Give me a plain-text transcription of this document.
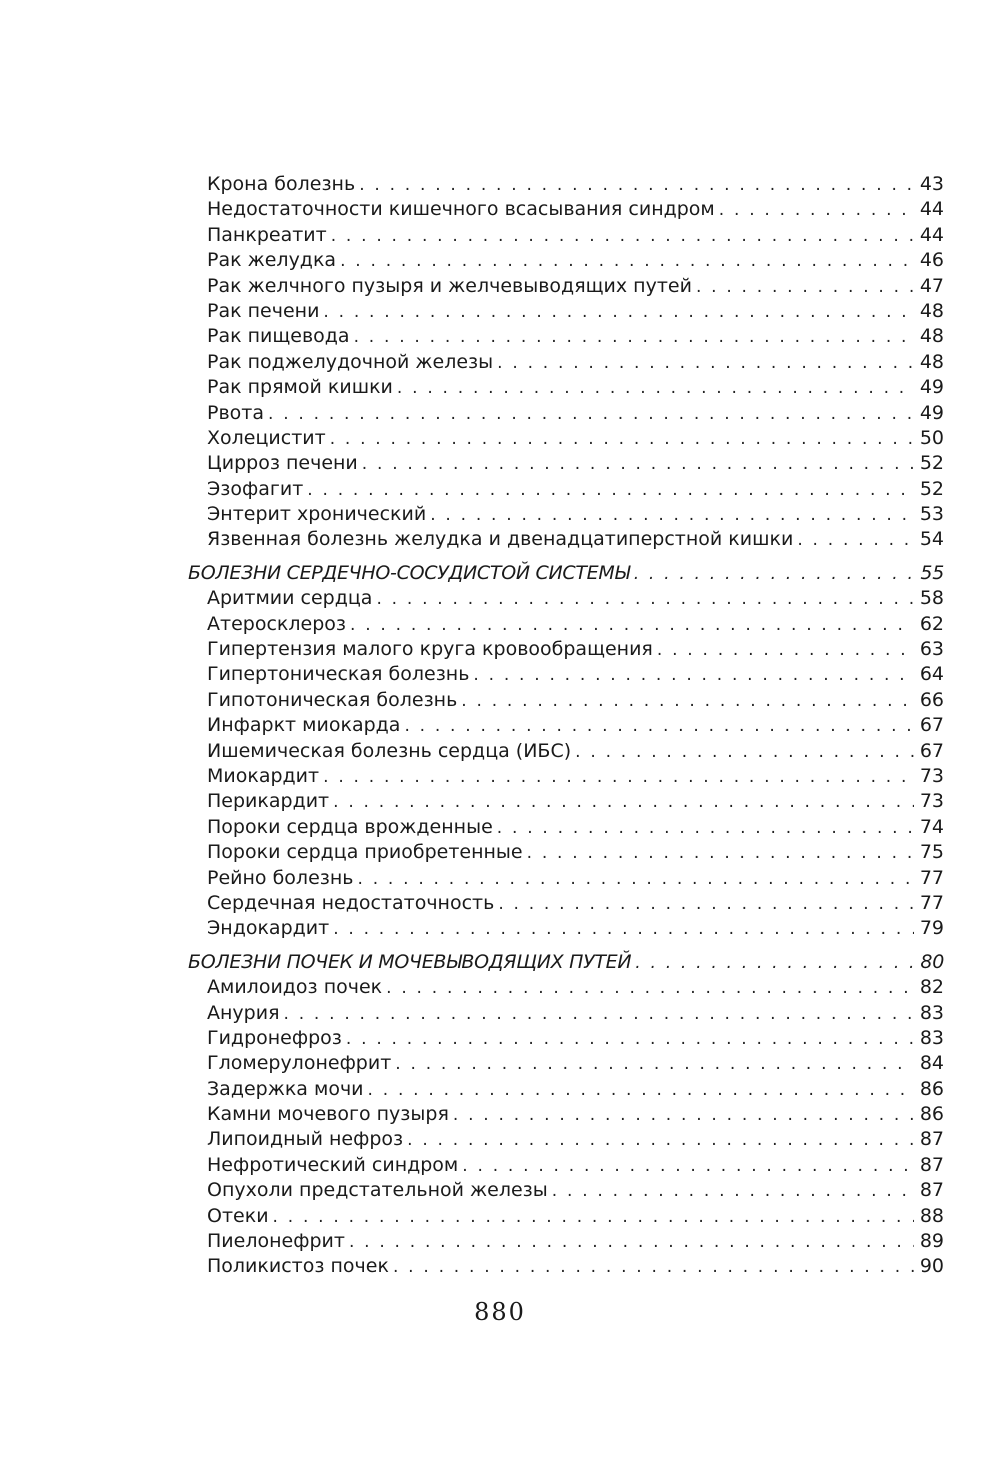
Крона болезнь . . .	43
Недостаточности кишечного всасывания синдром . . .	44
Панкреатит . . .	44
Рак желудка . . .	46
Рак желчного пузыря и желчевыводящих путей . . .	47
Рак печени . . .	48
Рак пищевода . . .	48
Рак поджелудочной железы . . .	48
Рак прямой кишки . . .	49
Рвота . . .	49
Холецистит . . .	50
Цирроз печени . . .	52
Эзофагит . . .	52
Энтерит хронический . . .	53
Язвенная болезнь желудка и двенадцатиперстной кишки . . .	54
БОЛЕЗНИ СЕРДЕЧНО-СОСУДИСТОЙ СИСТЕМЫ . . .	55
Аритмии сердца . . .	58
Атеросклероз . . .	62
Гипертензия малого круга кровообращения . . .	63
Гипертоническая болезнь . . .	64
Гипотоническая болезнь . . .	66
Инфаркт миокарда . . .	67
Ишемическая болезнь сердца (ИБС) . . .	67
Миокардит . . .	73
Перикардит . . .	73
Пороки сердца врожденные . . .	74
Пороки сердца приобретенные . . .	75
Рейно болезнь . . .	77
Сердечная недостаточность . . .	77
Эндокардит . . .	79
БОЛЕЗНИ ПОЧЕК И МОЧЕВЫВОДЯЩИХ ПУТЕЙ . . .	80
Амилоидоз почек . . .	82
Анурия . . .	83
Гидронефроз . . .	83
Гломерулонефрит . . .	84
Задержка мочи . . .	86
Камни мочевого пузыря . . .	86
Липоидный нефроз . . .	87
Нефротический синдром . . .	87
Опухоли предстательной железы . . .	87
Отеки . . .	88
Пиелонефрит . . .	89
Поликистоз почек . . .	90
880
